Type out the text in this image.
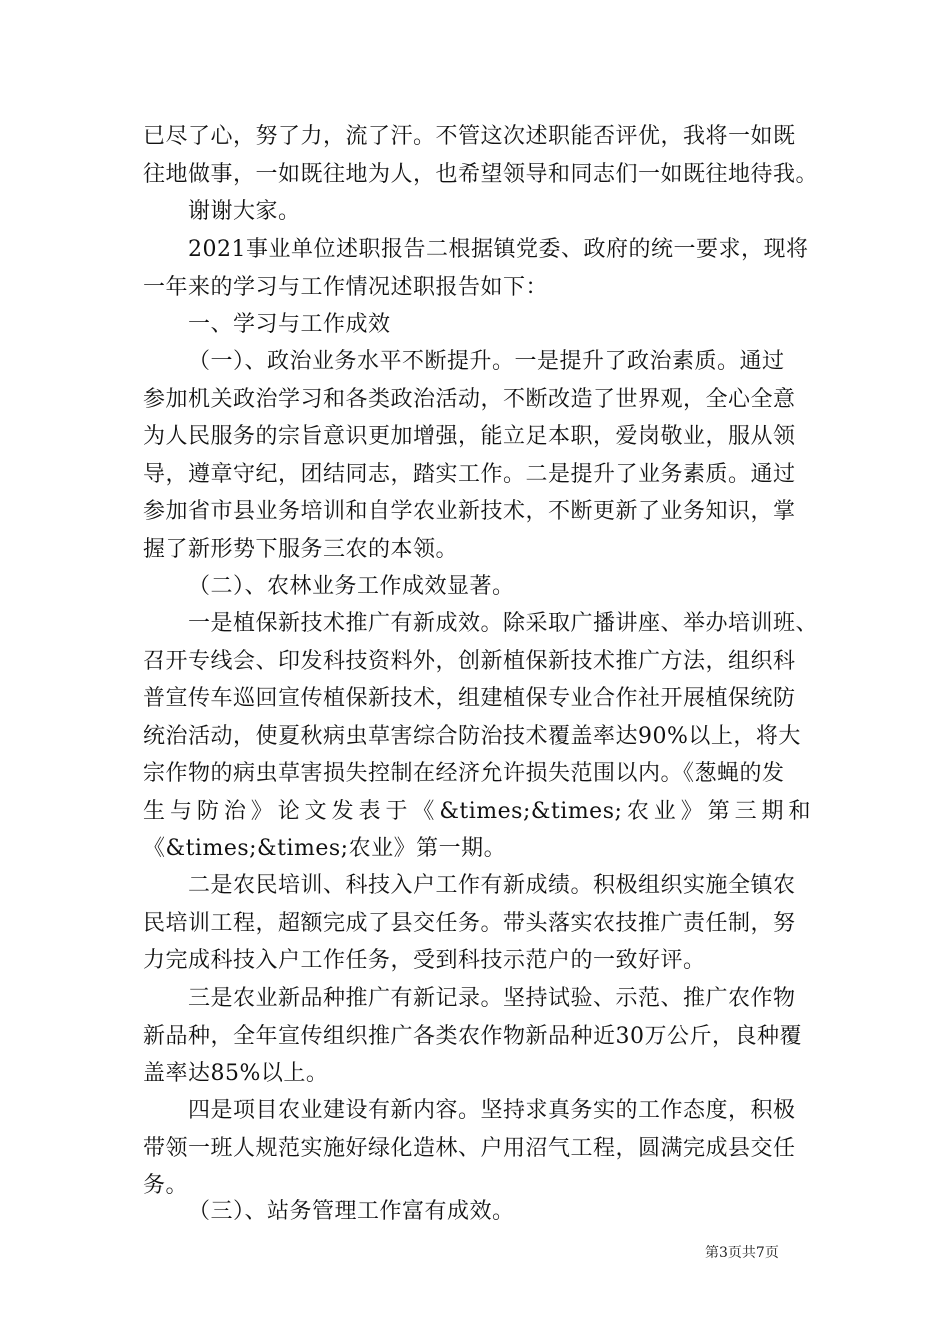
已尽了心，努了力，流了汗。不管这次述职能否评优，我将一如既
往地做事，一如既往地为人，也希望领导和同志们一如既往地待我。
谢谢大家。
2021事业单位述职报告二根据镇党委、政府的统一要求，现将
一年来的学习与工作情况述职报告如下：
一、学习与工作成效
（一）、政治业务水平不断提升。一是提升了政治素质。通过
参加机关政治学习和各类政治活动，不断改造了世界观，全心全意
为人民服务的宗旨意识更加增强，能立足本职，爱岗敬业，服从领
导，遵章守纪，团结同志，踏实工作。二是提升了业务素质。通过
参加省市县业务培训和自学农业新技术，不断更新了业务知识，掌
握了新形势下服务三农的本领。
（二）、农林业务工作成效显著。
一是植保新技术推广有新成效。除采取广播讲座、举办培训班、
召开专线会、印发科技资料外，创新植保新技术推广方法，组织科
普宣传车巡回宣传植保新技术，组建植保专业合作社开展植保统防
统治活动，使夏秋病虫草害综合防治技术覆盖率达90%以上，将大
宗作物的病虫草害损失控制在经济允许损失范围以内。《葱蝇的发
生 与 防 治 》 论 文 发 表 于 《 &times;&times; 农 业 》 第 三 期 和
《&times;&times;农业》第一期。
二是农民培训、科技入户工作有新成绩。积极组织实施全镇农
民培训工程，超额完成了县交任务。带头落实农技推广责任制，努
力完成科技入户工作任务，受到科技示范户的一致好评。
三是农业新品种推广有新记录。坚持试验、示范、推广农作物
新品种，全年宣传组织推广各类农作物新品种近30万公斤，良种覆
盖率达85%以上。
四是项目农业建设有新内容。坚持求真务实的工作态度，积极
带领一班人规范实施好绿化造林、户用沼气工程，圆满完成县交任
务。
（三）、站务管理工作富有成效。
第3页共7页
